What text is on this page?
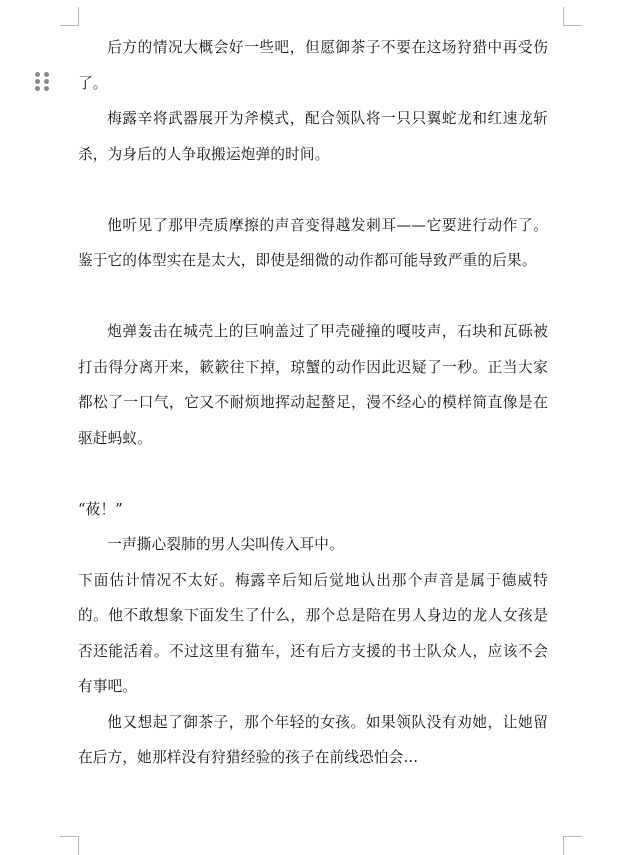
后方的情况大概会好一些吧，但愿御茶子不要在这场狩猎中再受伤了。

梅露辛将武器展开为斧模式，配合领队将一只只翼蛇龙和红速龙斩杀，为身后的人争取搬运炮弹的时间。

他听见了那甲壳质摩擦的声音变得越发刺耳——它要进行动作了。鉴于它的体型实在是太大，即使是细微的动作都可能导致严重的后果。

炮弹轰击在城壳上的巨响盖过了甲壳碰撞的嘎吱声，石块和瓦砾被打击得分离开来，簌簌往下掉，琼蟹的动作因此迟疑了一秒。正当大家都松了一口气，它又不耐烦地挥动起螯足，漫不经心的模样简直像是在驱赶蚂蚁。

“莜！”

一声撕心裂肺的男人尖叫传入耳中。

下面估计情况不太好。梅露辛后知后觉地认出那个声音是属于德威特的。他不敢想象下面发生了什么，那个总是陪在男人身边的龙人女孩是否还能活着。不过这里有猫车，还有后方支援的书士队众人，应该不会有事吧。

他又想起了御茶子，那个年轻的女孩。如果领队没有劝她，让她留在后方，她那样没有狩猎经验的孩子在前线恐怕会…
